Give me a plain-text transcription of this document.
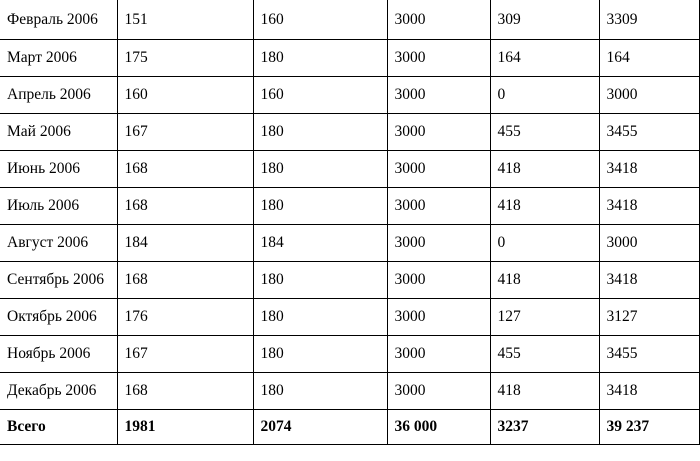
Февраль 2006	151	160	3000	309	3309
Март 2006	175	180	3000	164	164
Апрель 2006	160	160	3000	0	3000
Май 2006	167	180	3000	455	3455
Июнь 2006	168	180	3000	418	3418
Июль 2006	168	180	3000	418	3418
Август 2006	184	184	3000	0	3000
Сентябрь 2006	168	180	3000	418	3418
Октябрь 2006	176	180	3000	127	3127
Ноябрь 2006	167	180	3000	455	3455
Декабрь 2006	168	180	3000	418	3418
Всего	1981	2074	36 000	3237	39 237
